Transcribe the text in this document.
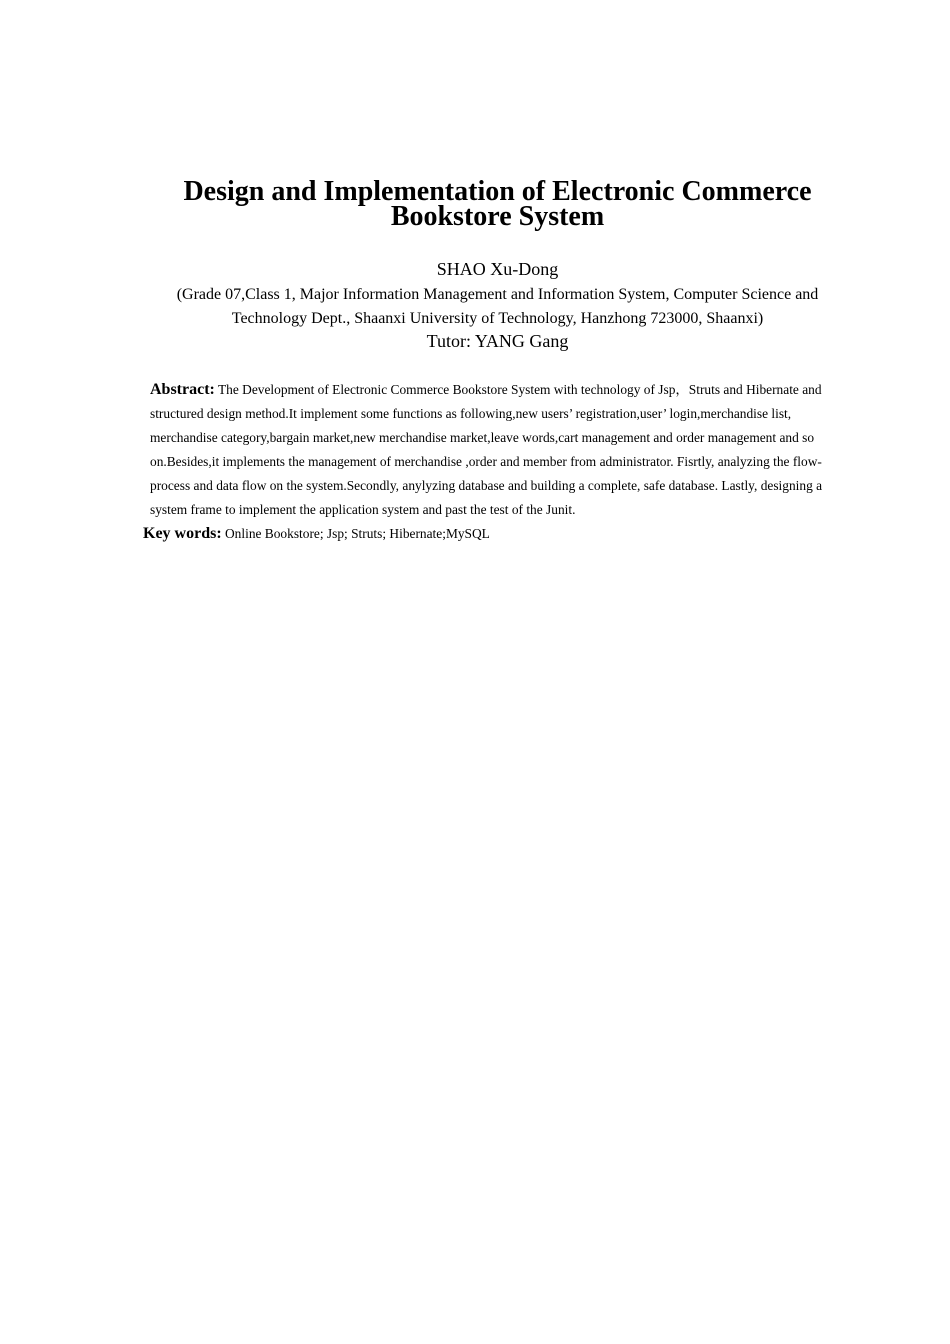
Design and Implementation of Electronic Commerce
Bookstore System
SHAO Xu-Dong
(Grade 07,Class 1, Major Information Management and Information System, Computer Science and
Technology Dept., Shaanxi University of Technology, Hanzhong 723000, Shaanxi)
Tutor: YANG Gang
Abstract: The Development of Electronic Commerce Bookstore System with technology of Jsp，Struts and Hibernate and structured design method.It implement some functions as following,new users’ registration,user’ login,merchandise list, merchandise category,bargain market,new merchandise market,leave words,cart management and order management and so on.Besides,it implements the management of merchandise ,order and member from administrator. Fisrtly, analyzing the flow-process and data flow on the system.Secondly, anylyzing database and building a complete, safe database. Lastly, designing a system frame to implement the application system and past the test of the Junit.
Key words: Online Bookstore; Jsp; Struts; Hibernate;MySQL
